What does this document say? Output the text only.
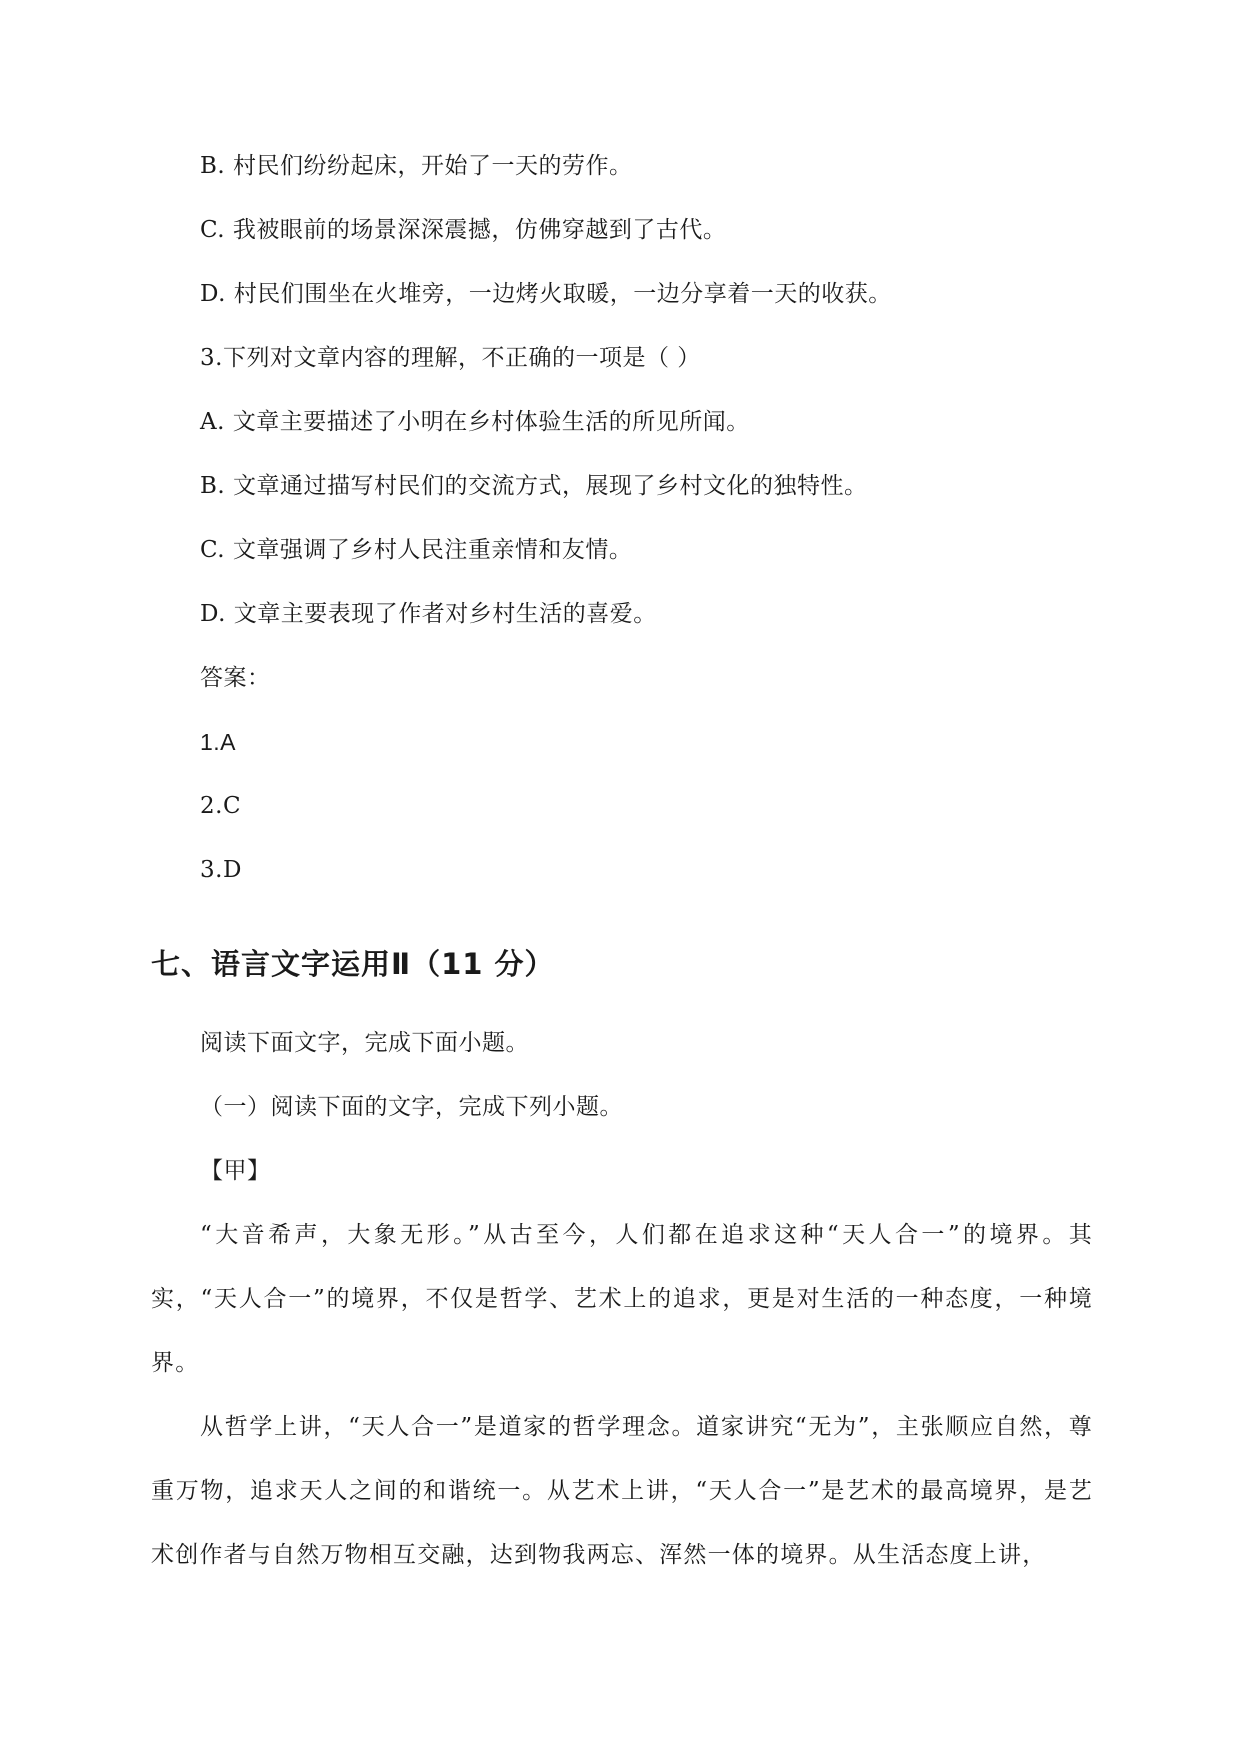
B. 村民们纷纷起床，开始了一天的劳作。
C. 我被眼前的场景深深震撼，仿佛穿越到了古代。
D. 村民们围坐在火堆旁，一边烤火取暖，一边分享着一天的收获。
3.下列对文章内容的理解，不正确的一项是（ ）
A. 文章主要描述了小明在乡村体验生活的所见所闻。
B. 文章通过描写村民们的交流方式，展现了乡村文化的独特性。
C. 文章强调了乡村人民注重亲情和友情。
D. 文章主要表现了作者对乡村生活的喜爱。
答案：
1.A
2.C
3.D
七、语言文字运用Ⅱ（11 分）
阅读下面文字，完成下面小题。
（一）阅读下面的文字，完成下列小题。
【甲】
“大音希声，大象无形。”从古至今，人们都在追求这种“天人合一”的境界。其实，“天人合一”的境界，不仅是哲学、艺术上的追求，更是对生活的一种态度，一种境界。
从哲学上讲，“天人合一”是道家的哲学理念。道家讲究“无为”，主张顺应自然，尊重万物，追求天人之间的和谐统一。从艺术上讲，“天人合一”是艺术的最高境界，是艺术创作者与自然万物相互交融，达到物我两忘、浑然一体的境界。从生活态度上讲，
